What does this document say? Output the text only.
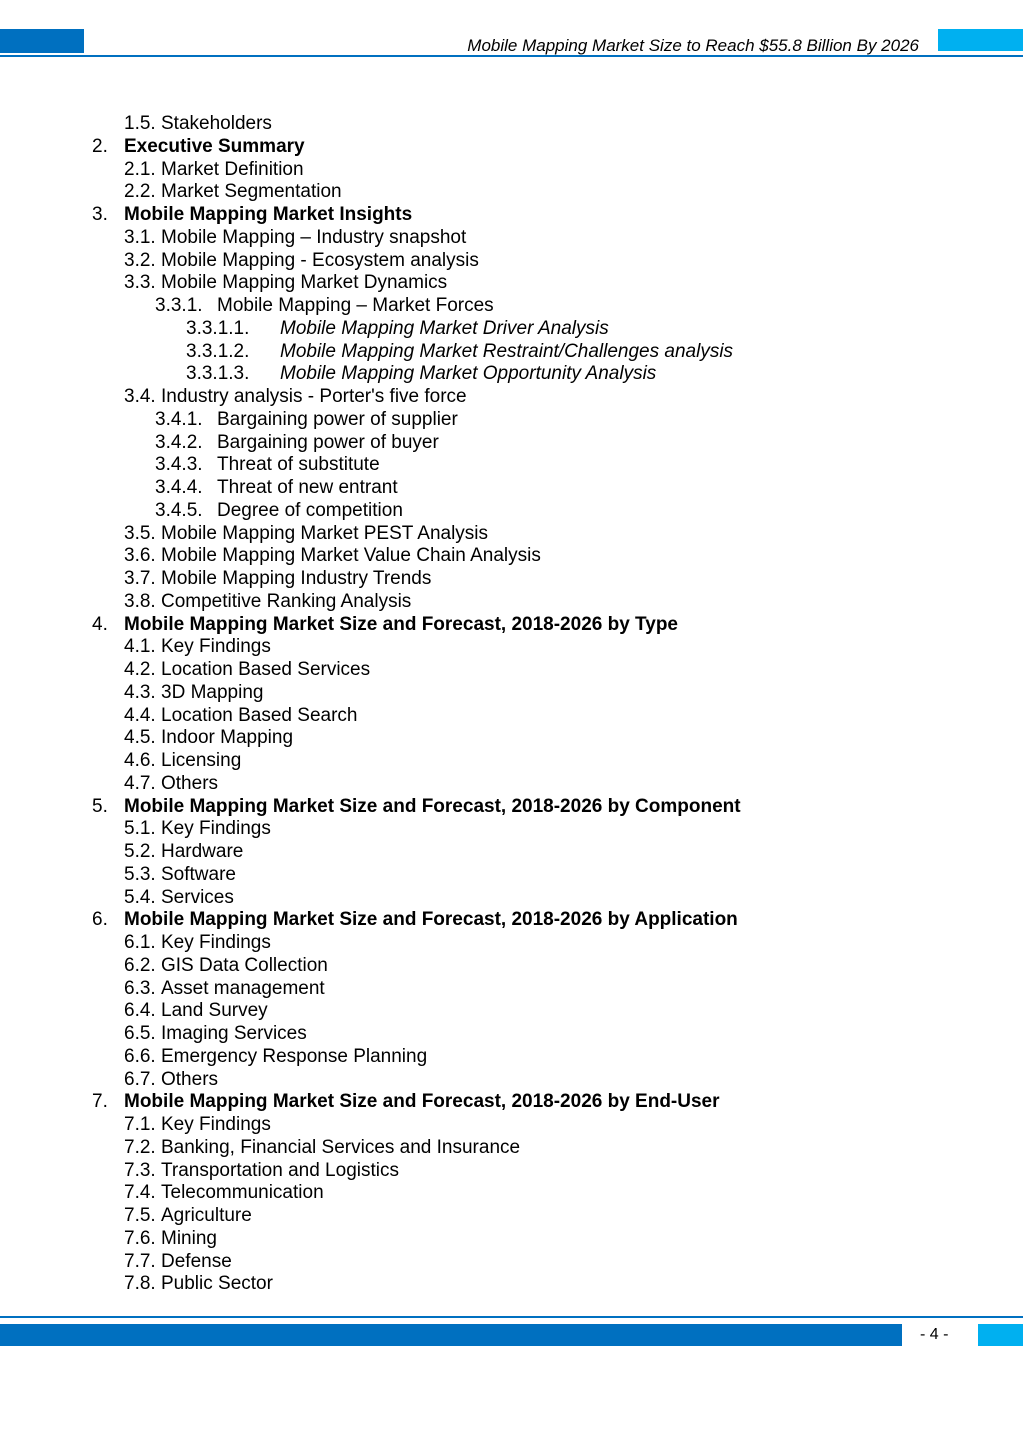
Mobile Mapping Market Size to Reach $55.8 Billion By 2026
1.5. Stakeholders
2. Executive Summary
2.1. Market Definition
2.2. Market Segmentation
3. Mobile Mapping Market Insights
3.1. Mobile Mapping – Industry snapshot
3.2. Mobile Mapping - Ecosystem analysis
3.3. Mobile Mapping Market Dynamics
3.3.1. Mobile Mapping – Market Forces
3.3.1.1. Mobile Mapping Market Driver Analysis
3.3.1.2. Mobile Mapping Market Restraint/Challenges analysis
3.3.1.3. Mobile Mapping Market Opportunity Analysis
3.4. Industry analysis - Porter's five force
3.4.1. Bargaining power of supplier
3.4.2. Bargaining power of buyer
3.4.3. Threat of substitute
3.4.4. Threat of new entrant
3.4.5. Degree of competition
3.5. Mobile Mapping Market PEST Analysis
3.6. Mobile Mapping Market Value Chain Analysis
3.7. Mobile Mapping Industry Trends
3.8. Competitive Ranking Analysis
4. Mobile Mapping Market Size and Forecast, 2018-2026 by Type
4.1. Key Findings
4.2. Location Based Services
4.3. 3D Mapping
4.4. Location Based Search
4.5. Indoor Mapping
4.6. Licensing
4.7. Others
5. Mobile Mapping Market Size and Forecast, 2018-2026 by Component
5.1. Key Findings
5.2. Hardware
5.3. Software
5.4. Services
6. Mobile Mapping Market Size and Forecast, 2018-2026 by Application
6.1. Key Findings
6.2. GIS Data Collection
6.3. Asset management
6.4. Land Survey
6.5. Imaging Services
6.6. Emergency Response Planning
6.7. Others
7. Mobile Mapping Market Size and Forecast, 2018-2026 by End-User
7.1. Key Findings
7.2. Banking, Financial Services and Insurance
7.3. Transportation and Logistics
7.4. Telecommunication
7.5. Agriculture
7.6. Mining
7.7. Defense
7.8. Public Sector
- 4 -
